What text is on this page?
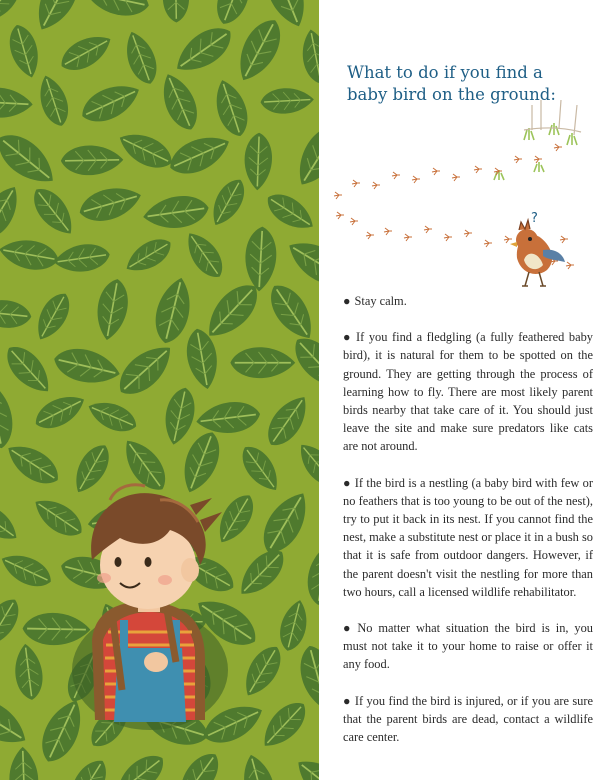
What to do if you find a baby bird on the ground:
?

● Stay calm.

● If you find a fledgling (a fully feathered baby bird), it is natural for them to be spotted on the ground. They are getting through the process of learning how to fly. There are most likely parent birds nearby that take care of it. You should just leave the site and make sure predators like cats are not around.

● If the bird is a nestling (a baby bird with few or no feathers that is too young to be out of the nest), try to put it back in its nest. If you cannot find the nest, make a substitute nest or place it in a bush so that it is safe from outdoor dangers. However, if the parent doesn't visit the nestling for more than two hours, call a licensed wildlife rehabilitator.

● No matter what situation the bird is in, you must not take it to your home to raise or offer it any food.

● If you find the bird is injured, or if you are sure that the parent birds are dead, contact a wildlife care center.
